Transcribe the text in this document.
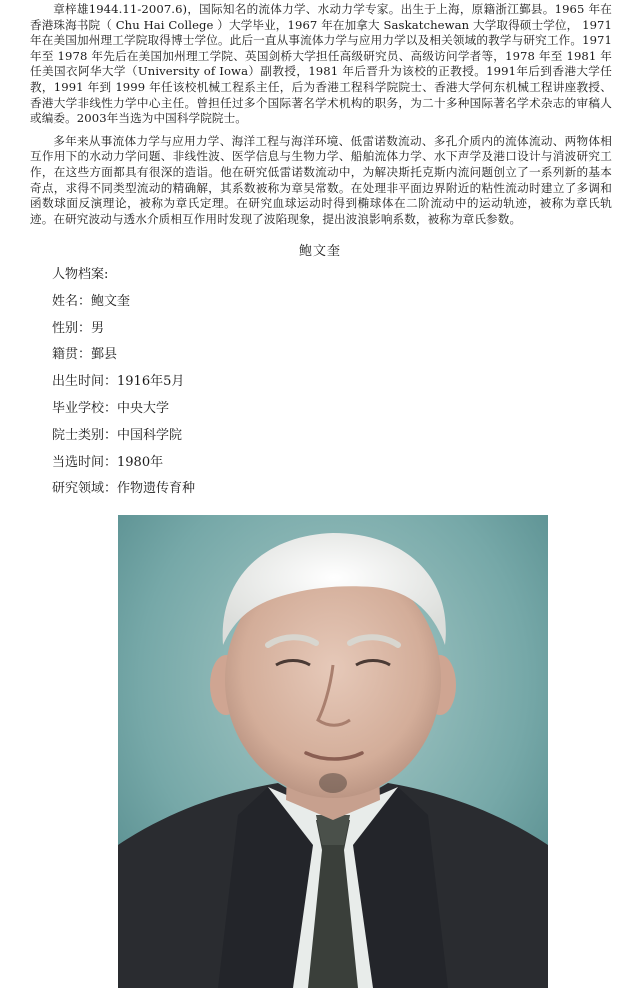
章梓雄1944.11-2007.6)，国际知名的流体力学、水动力学专家。出生于上海，原籍浙江鄞县。1965 年在香港珠海书院（ Chu Hai College ）大学毕业，1967 年在加拿大 Saskatchewan 大学取得硕士学位， 1971 年在美国加州理工学院取得博士学位。此后一直从事流体力学与应用力学以及相关领域的教学与研究工作。1971 年至 1978 年先后在美国加州理工学院、英国剑桥大学担任高级研究员、高级访问学者等，1978 年至 1981 年任美国衣阿华大学（University of Iowa）副教授，1981 年后晋升为该校的正教授。1991年后到香港大学任教，1991 年到 1999 年任该校机械工程系主任，后为香港工程科学院院士、香港大学何东机械工程讲座教授、香港大学非线性力学中心主任。曾担任过多个国际著名学术机构的职务，为二十多种国际著名学术杂志的审稿人或编委。2003年当选为中国科学院院士。

多年来从事流体力学与应用力学、海洋工程与海洋环境、低雷诺数流动、多孔介质内的流体流动、两物体相互作用下的水动力学问题、非线性波、医学信息与生物力学、船舶流体力学、水下声学及港口设计与消波研究工作，在这些方面都具有很深的造诣。他在研究低雷诺数流动中，为解决斯托克斯内流问题创立了一系列新的基本奇点，求得不同类型流动的精确解，其系数被称为章吴常数。在处理非平面边界附近的粘性流动时建立了多调和函数球面反演理论，被称为章氏定理。在研究血球运动时得到椭球体在二阶流动中的运动轨迹，被称为章氏轨迹。在研究波动与透水介质相互作用时发现了波陷现象，提出波浪影响系数，被称为章氏参数。

鲍文奎
人物档案:
姓名：鲍文奎
性别：男
籍贯：鄞县
出生时间：1916年5月
毕业学校：中央大学
院士类别：中国科学院
当选时间：1980年
研究领域：作物遗传育种
